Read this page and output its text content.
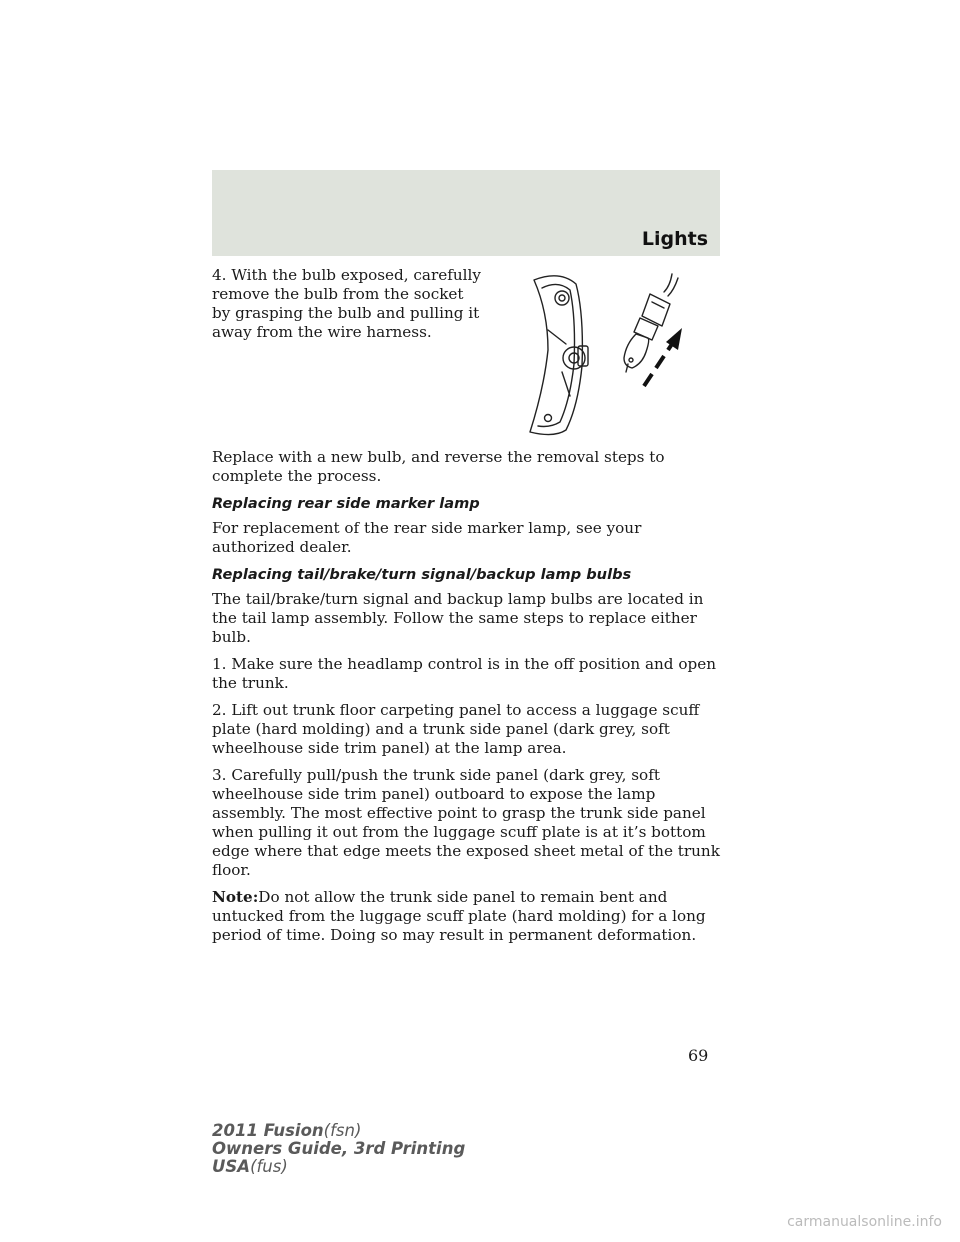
Lights

4. With the bulb exposed, carefully remove the bulb from the socket by grasping the bulb and pulling it away from the wire harness.

Replace with a new bulb, and reverse the removal steps to complete the process.

Replacing rear side marker lamp

For replacement of the rear side marker lamp, see your authorized dealer.

Replacing tail/brake/turn signal/backup lamp bulbs

The tail/brake/turn signal and backup lamp bulbs are located in the tail lamp assembly. Follow the same steps to replace either bulb.

1. Make sure the headlamp control is in the off position and open the trunk.

2. Lift out trunk floor carpeting panel to access a luggage scuff plate (hard molding) and a trunk side panel (dark grey, soft wheelhouse side trim panel) at the lamp area.

3. Carefully pull/push the trunk side panel (dark grey, soft wheelhouse side trim panel) outboard to expose the lamp assembly. The most effective point to grasp the trunk side panel when pulling it out from the luggage scuff plate is at it’s bottom edge where that edge meets the exposed sheet metal of the trunk floor.

Note:Do not allow the trunk side panel to remain bent and untucked from the luggage scuff plate (hard molding) for a long period of time. Doing so may result in permanent deformation.

69
2011 Fusion(fsn)
Owners Guide, 3rd Printing
USA(fus)
carmanualsonline.info
